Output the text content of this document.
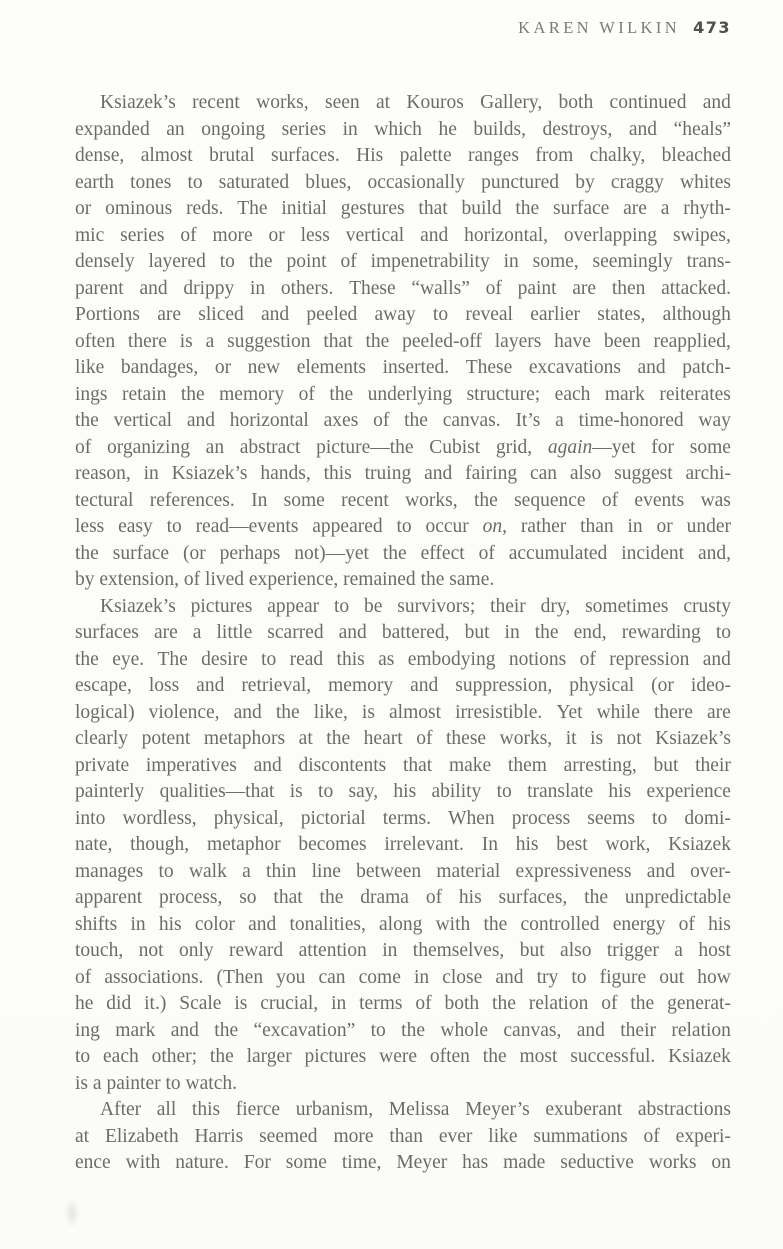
KAREN WILKIN 473
Ksiazek’s recent works, seen at Kouros Gallery, both continued and
expanded an ongoing series in which he builds, destroys, and “heals”
dense, almost brutal surfaces. His palette ranges from chalky, bleached
earth tones to saturated blues, occasionally punctured by craggy whites
or ominous reds. The initial gestures that build the surface are a rhyth-
mic series of more or less vertical and horizontal, overlapping swipes,
densely layered to the point of impenetrability in some, seemingly trans-
parent and drippy in others. These “walls” of paint are then attacked.
Portions are sliced and peeled away to reveal earlier states, although
often there is a suggestion that the peeled-off layers have been reapplied,
like bandages, or new elements inserted. These excavations and patch-
ings retain the memory of the underlying structure; each mark reiterates
the vertical and horizontal axes of the canvas. It’s a time-honored way
of organizing an abstract picture—the Cubist grid, again—yet for some
reason, in Ksiazek’s hands, this truing and fairing can also suggest archi-
tectural references. In some recent works, the sequence of events was
less easy to read—events appeared to occur on, rather than in or under
the surface (or perhaps not)—yet the effect of accumulated incident and,
by extension, of lived experience, remained the same.
Ksiazek’s pictures appear to be survivors; their dry, sometimes crusty
surfaces are a little scarred and battered, but in the end, rewarding to
the eye. The desire to read this as embodying notions of repression and
escape, loss and retrieval, memory and suppression, physical (or ideo-
logical) violence, and the like, is almost irresistible. Yet while there are
clearly potent metaphors at the heart of these works, it is not Ksiazek’s
private imperatives and discontents that make them arresting, but their
painterly qualities—that is to say, his ability to translate his experience
into wordless, physical, pictorial terms. When process seems to domi-
nate, though, metaphor becomes irrelevant. In his best work, Ksiazek
manages to walk a thin line between material expressiveness and over-
apparent process, so that the drama of his surfaces, the unpredictable
shifts in his color and tonalities, along with the controlled energy of his
touch, not only reward attention in themselves, but also trigger a host
of associations. (Then you can come in close and try to figure out how
he did it.) Scale is crucial, in terms of both the relation of the generat-
ing mark and the “excavation” to the whole canvas, and their relation
to each other; the larger pictures were often the most successful. Ksiazek
is a painter to watch.
After all this fierce urbanism, Melissa Meyer’s exuberant abstractions
at Elizabeth Harris seemed more than ever like summations of experi-
ence with nature. For some time, Meyer has made seductive works on
